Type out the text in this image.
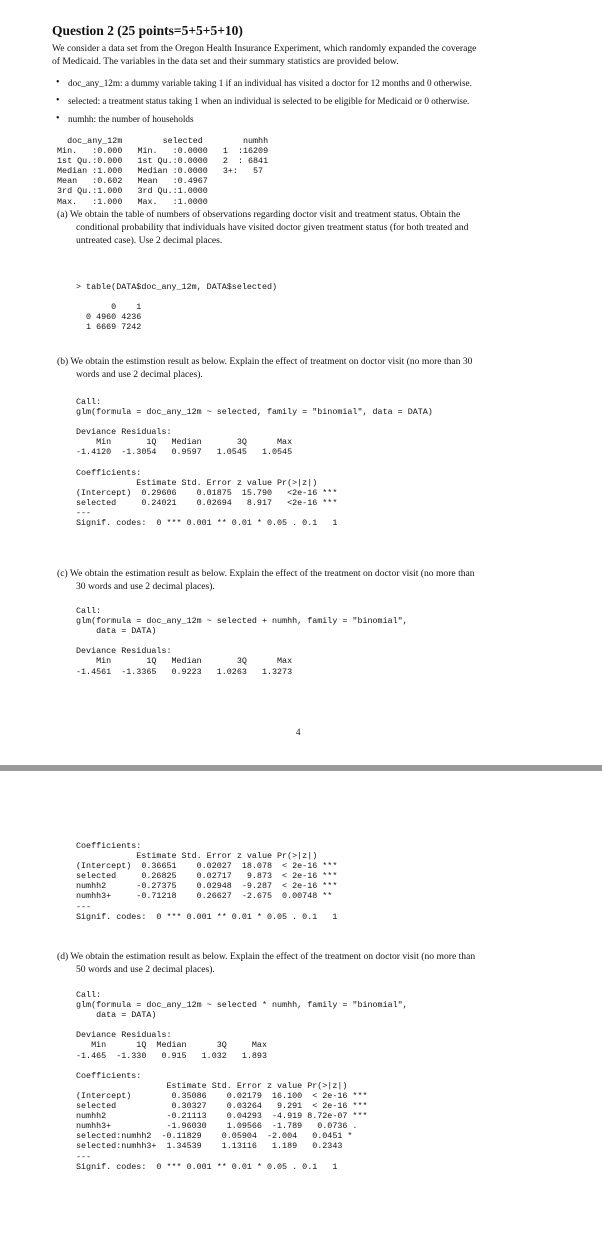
Question 2 (25 points=5+5+5+10)
We consider a data set from the Oregon Health Insurance Experiment, which randomly expanded the coverage
of Medicaid. The variables in the data set and their summary statistics are provided below.
• doc_any_12m: a dummy variable taking 1 if an individual has visited a doctor for 12 months and 0 otherwise.
• selected: a treatment status taking 1 when an individual is selected to be eligible for Medicaid or 0 otherwise.
• numhh: the number of households
doc_any_12m        selected        numhh
Min.   :0.000   Min.   :0.0000   1  :16209
1st Qu.:0.000   1st Qu.:0.0000   2  : 6841
Median :1.000   Median :0.0000   3+:   57
Mean   :0.602   Mean   :0.4967
3rd Qu.:1.000   3rd Qu.:1.0000
Max.   :1.000   Max.   :1.0000
(a) We obtain the table of numbers of observations regarding doctor visit and treatment status. Obtain the
conditional probability that individuals have visited doctor given treatment status (for both treated and
untreated case). Use 2 decimal places.
> table(DATA$doc_any_12m, DATA$selected)

0    1
0 4960 4236
1 6669 7242
(b) We obtain the estimstion result as below. Explain the effect of treatment on doctor visit (no more than 30
words and use 2 decimal places).
Call:
glm(formula = doc_any_12m ~ selected, family = "binomial", data = DATA)

Deviance Residuals:
Min       1Q   Median       3Q      Max
-1.4120  -1.3054   0.9597   1.0545   1.0545

Coefficients:
Estimate Std. Error z value Pr(>|z|)
(Intercept)  0.29606    0.01875  15.790   <2e-16 ***
selected     0.24021    0.02694   8.917   <2e-16 ***
---
Signif. codes:  0 *** 0.001 ** 0.01 * 0.05 . 0.1   1
(c) We obtain the estimation result as below. Explain the effect of the treatment on doctor visit (no more than
30 words and use 2 decimal places).
Call:
glm(formula = doc_any_12m ~ selected + numhh, family = "binomial",
data = DATA)

Deviance Residuals:
Min       1Q   Median       3Q      Max
-1.4561  -1.3365   0.9223   1.0263   1.3273
4
Coefficients:
Estimate Std. Error z value Pr(>|z|)
(Intercept)  0.36651    0.02027  18.078  < 2e-16 ***
selected     0.26825    0.02717   9.873  < 2e-16 ***
numhh2      -0.27375    0.02948  -9.287  < 2e-16 ***
numhh3+     -0.71218    0.26627  -2.675  0.00748 **
---
Signif. codes:  0 *** 0.001 ** 0.01 * 0.05 . 0.1   1
(d) We obtain the estimation result as below. Explain the effect of the treatment on doctor visit (no more than
50 words and use 2 decimal places).
Call:
glm(formula = doc_any_12m ~ selected * numhh, family = "binomial",
data = DATA)

Deviance Residuals:
Min      1Q  Median      3Q     Max
-1.465  -1.330   0.915   1.032   1.893

Coefficients:
Estimate Std. Error z value Pr(>|z|)
(Intercept)        0.35086    0.02179  16.100  < 2e-16 ***
selected           0.30327    0.03264   9.291  < 2e-16 ***
numhh2            -0.21113    0.04293  -4.919 8.72e-07 ***
numhh3+           -1.96030    1.09566  -1.789   0.0736 .
selected:numhh2  -0.11829    0.05904  -2.004   0.0451 *
selected:numhh3+  1.34539    1.13116   1.189   0.2343
---
Signif. codes:  0 *** 0.001 ** 0.01 * 0.05 . 0.1   1
